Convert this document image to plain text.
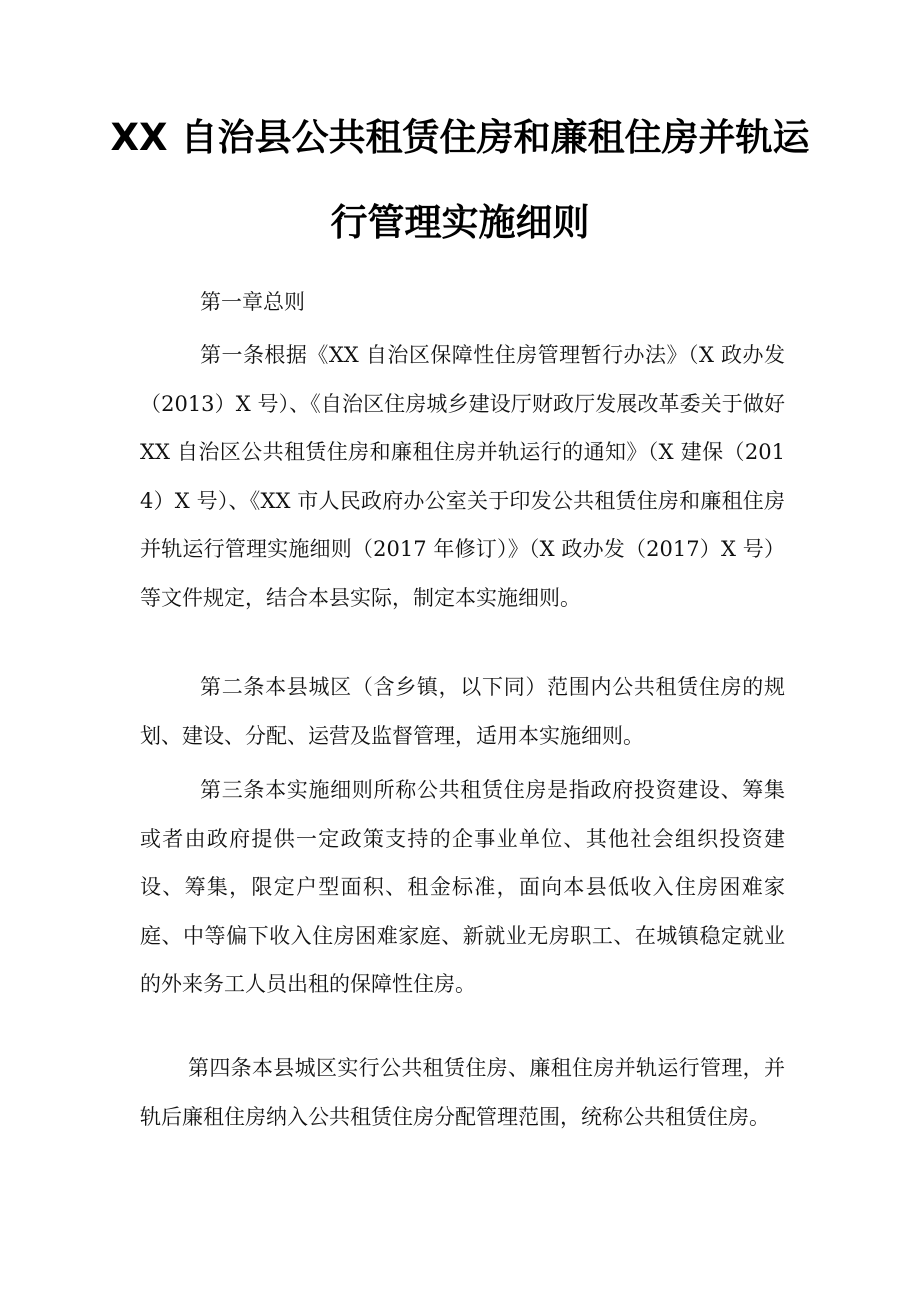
XX 自治县公共租赁住房和廉租住房并轨运
行管理实施细则
第一章总则

第一条根据《XX 自治区保障性住房管理暂行办法》（X 政办发（2013）X 号）、《自治区住房城乡建设厅财政厅发展改革委关于做好 XX 自治区公共租赁住房和廉租住房并轨运行的通知》（X 建保（2014）X 号）、《XX 市人民政府办公室关于印发公共租赁住房和廉租住房并轨运行管理实施细则（2017 年修订）》（X 政办发（2017）X 号）等文件规定，结合本县实际，制定本实施细则。

第二条本县城区（含乡镇，以下同）范围内公共租赁住房的规划、建设、分配、运营及监督管理，适用本实施细则。

第三条本实施细则所称公共租赁住房是指政府投资建设、筹集或者由政府提供一定政策支持的企事业单位、其他社会组织投资建设、筹集，限定户型面积、租金标准，面向本县低收入住房困难家庭、中等偏下收入住房困难家庭、新就业无房职工、在城镇稳定就业的外来务工人员出租的保障性住房。

第四条本县城区实行公共租赁住房、廉租住房并轨运行管理，并轨后廉租住房纳入公共租赁住房分配管理范围，统称公共租赁住房。
